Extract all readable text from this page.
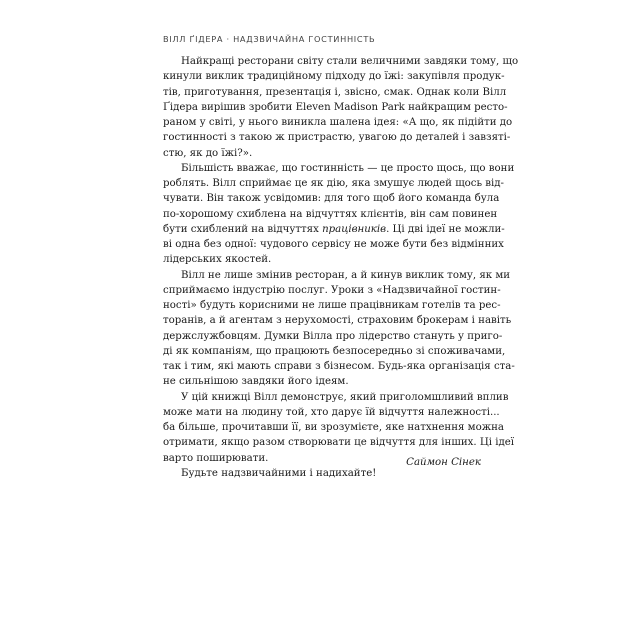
ВІЛЛ ҐІДЕРА · НАДЗВИЧАЙНА ГОСТИННІСТЬ
Найкращі ресторани світу стали величними завдяки тому, що
кинули виклик традиційному підходу до їжі: закупівля продук-
тів, приготування, презентація і, звісно, смак. Однак коли Вілл
Ґідера вирішив зробити Eleven Madison Park найкращим ресто-
раном у світі, у нього виникла шалена ідея: «А що, як підійти до
гостинності з такою ж пристрастю, увагою до деталей і завзяті-
стю, як до їжі?».
Більшість вважає, що гостинність — це просто щось, що вони
роблять. Вілл сприймає це як дію, яка змушує людей щось від-
чувати. Він також усвідомив: для того щоб його команда була
по-хорошому схиблена на відчуттях клієнтів, він сам повинен
бути схиблений на відчуттях працівників. Ці дві ідеї не можли-
ві одна без одної: чудового сервісу не може бути без відмінних
лідерських якостей.
Вілл не лише змінив ресторан, а й кинув виклик тому, як ми
сприймаємо індустрію послуг. Уроки з «Надзвичайної гостин-
ності» будуть корисними не лише працівникам готелів та рес-
торанів, а й агентам з нерухомості, страховим брокерам і навіть
держслужбовцям. Думки Вілла про лідерство стануть у приго-
ді як компаніям, що працюють безпосередньо зі споживачами,
так і тим, які мають справи з бізнесом. Будь-яка організація ста-
не сильнішою завдяки його ідеям.
У цій книжці Вілл демонструє, який приголомшливий вплив
може мати на людину той, хто дарує їй відчуття належності...
ба більше, прочитавши її, ви зрозумієте, яке натхнення можна
отримати, якщо разом створювати це відчуття для інших. Ці ідеї
варто поширювати.
Будьте надзвичайними і надихайте!
Саймон Сінек
